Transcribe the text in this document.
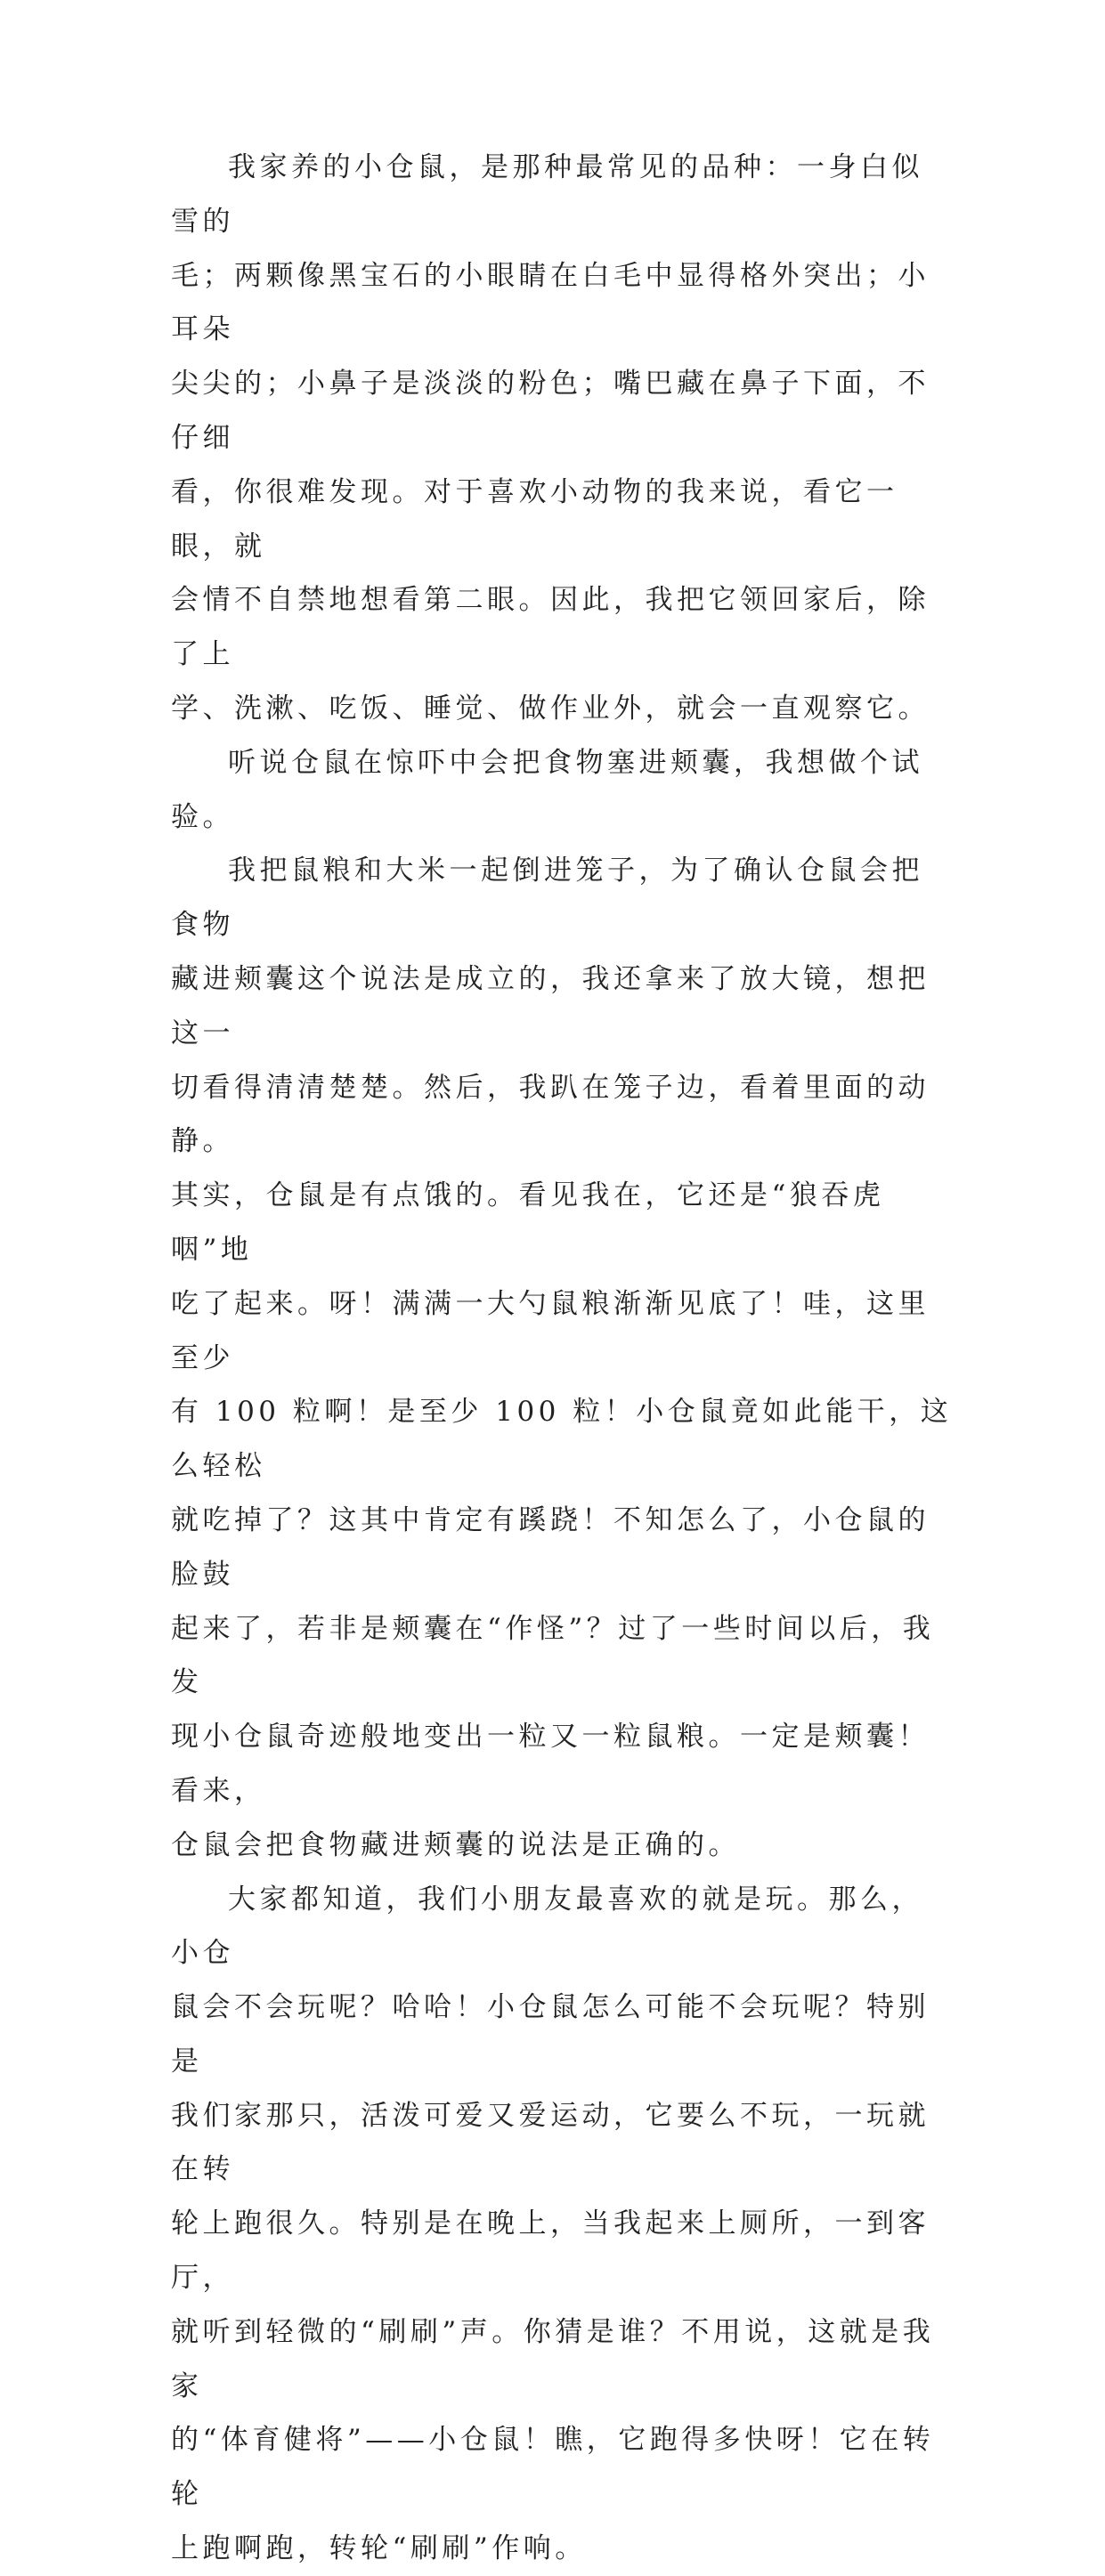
我家养的小仓鼠，是那种最常见的品种：一身白似雪的
毛；两颗像黑宝石的小眼睛在白毛中显得格外突出；小耳朵
尖尖的；小鼻子是淡淡的粉色；嘴巴藏在鼻子下面，不仔细
看，你很难发现。对于喜欢小动物的我来说，看它一眼，就
会情不自禁地想看第二眼。因此，我把它领回家后，除了上
学、洗漱、吃饭、睡觉、做作业外，就会一直观察它。

听说仓鼠在惊吓中会把食物塞进颊囊，我想做个试验。

我把鼠粮和大米一起倒进笼子，为了确认仓鼠会把食物
藏进颊囊这个说法是成立的，我还拿来了放大镜，想把这一
切看得清清楚楚。然后，我趴在笼子边，看着里面的动静。
其实，仓鼠是有点饿的。看见我在，它还是“狼吞虎咽”地
吃了起来。呀！满满一大勺鼠粮渐渐见底了！哇，这里至少
有 100 粒啊！是至少 100 粒！小仓鼠竟如此能干，这么轻松
就吃掉了？这其中肯定有蹊跷！不知怎么了，小仓鼠的脸鼓
起来了，若非是颊囊在“作怪”？过了一些时间以后，我发
现小仓鼠奇迹般地变出一粒又一粒鼠粮。一定是颊囊！看来，
仓鼠会把食物藏进颊囊的说法是正确的。

大家都知道，我们小朋友最喜欢的就是玩。那么，小仓
鼠会不会玩呢？哈哈！小仓鼠怎么可能不会玩呢？特别是
我们家那只，活泼可爱又爱运动，它要么不玩，一玩就在转
轮上跑很久。特别是在晚上，当我起来上厕所，一到客厅，
就听到轻微的“刷刷”声。你猜是谁？不用说，这就是我家
的“体育健将”——小仓鼠！瞧，它跑得多快呀！它在转轮
上跑啊跑，转轮“刷刷”作响。
